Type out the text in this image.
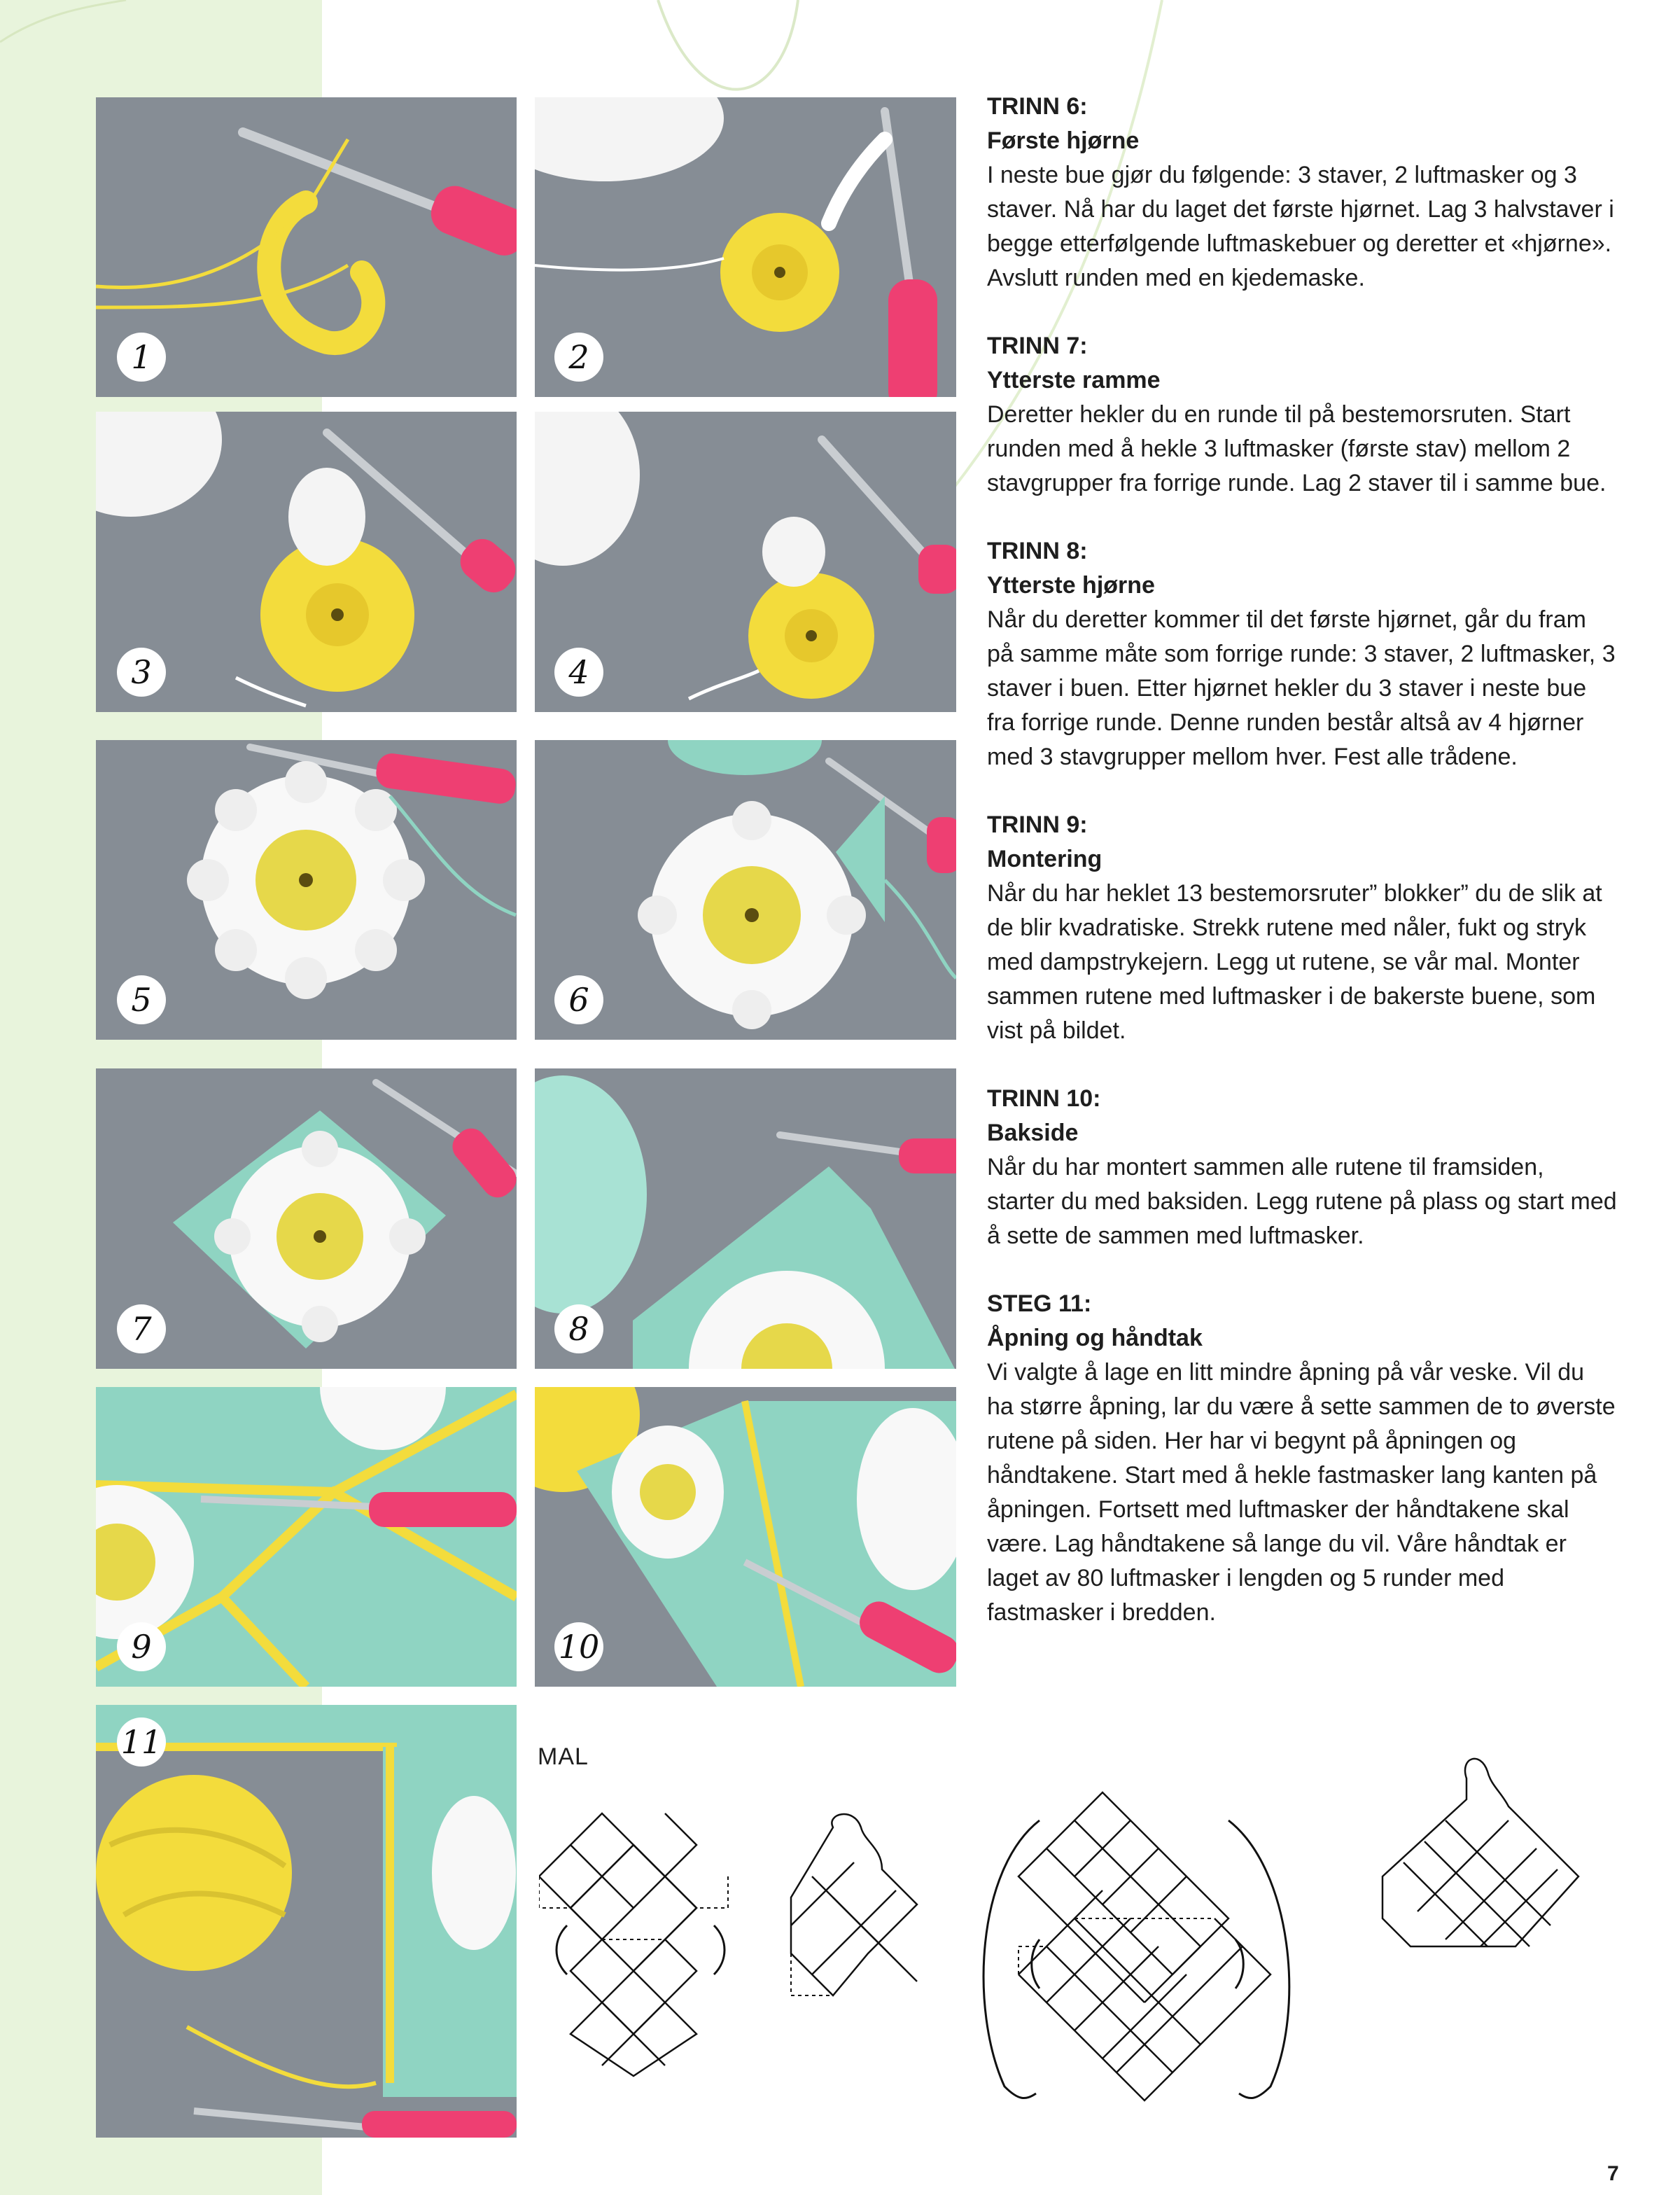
1	2
3	4
5	6
7	8
9	10
11
TRINN 6:
Første hjørne
I neste bue gjør du følgende: 3 staver, 2 luftmasker og 3 staver. Nå har du laget det første hjørnet. Lag 3 halvstaver i begge etterfølgende luftmaskebuer og deretter et «hjørne». Avslutt runden med en kjedemaske.
TRINN 7:
Ytterste ramme
Deretter hekler du en runde til på bestemorsruten. Start runden med å hekle 3 luftmasker (første stav) mellom 2 stavgrupper fra forrige runde. Lag 2 staver til i samme bue.
TRINN 8:
Ytterste hjørne
Når du deretter kommer til det første hjørnet, går du fram på samme måte som forrige runde: 3 staver, 2 luftmasker, 3 staver i buen. Etter hjørnet hekler du 3 staver i neste bue fra forrige runde. Denne runden består altså av 4 hjørner med 3 stavgrupper mellom hver. Fest alle trådene.
TRINN 9:
Montering
Når du har heklet 13 bestemorsruter” blokker” du de slik at de blir kvadratiske. Strekk rutene med nåler, fukt og stryk med dampstrykejern. Legg ut rutene, se vår mal. Monter sammen rutene med luftmasker i de bakerste buene, som vist på bildet.
TRINN 10:
Bakside
Når du har montert sammen alle rutene til framsiden, starter du med baksiden. Legg rutene på plass og start med å sette de sammen med luftmasker.
STEG 11:
Åpning og håndtak
Vi valgte å lage en litt mindre åpning på vår veske. Vil du ha større åpning, lar du være å sette sammen de to øverste rutene på siden. Her har vi begynt på åpningen og håndtakene. Start med å hekle fastmasker lang kanten på åpningen. Fortsett med luftmasker der håndtakene skal være. Lag håndtakene så lange du vil. Våre håndtak er laget av 80 luftmasker i lengden og 5 runder med fastmasker i bredden.
MAL
7
